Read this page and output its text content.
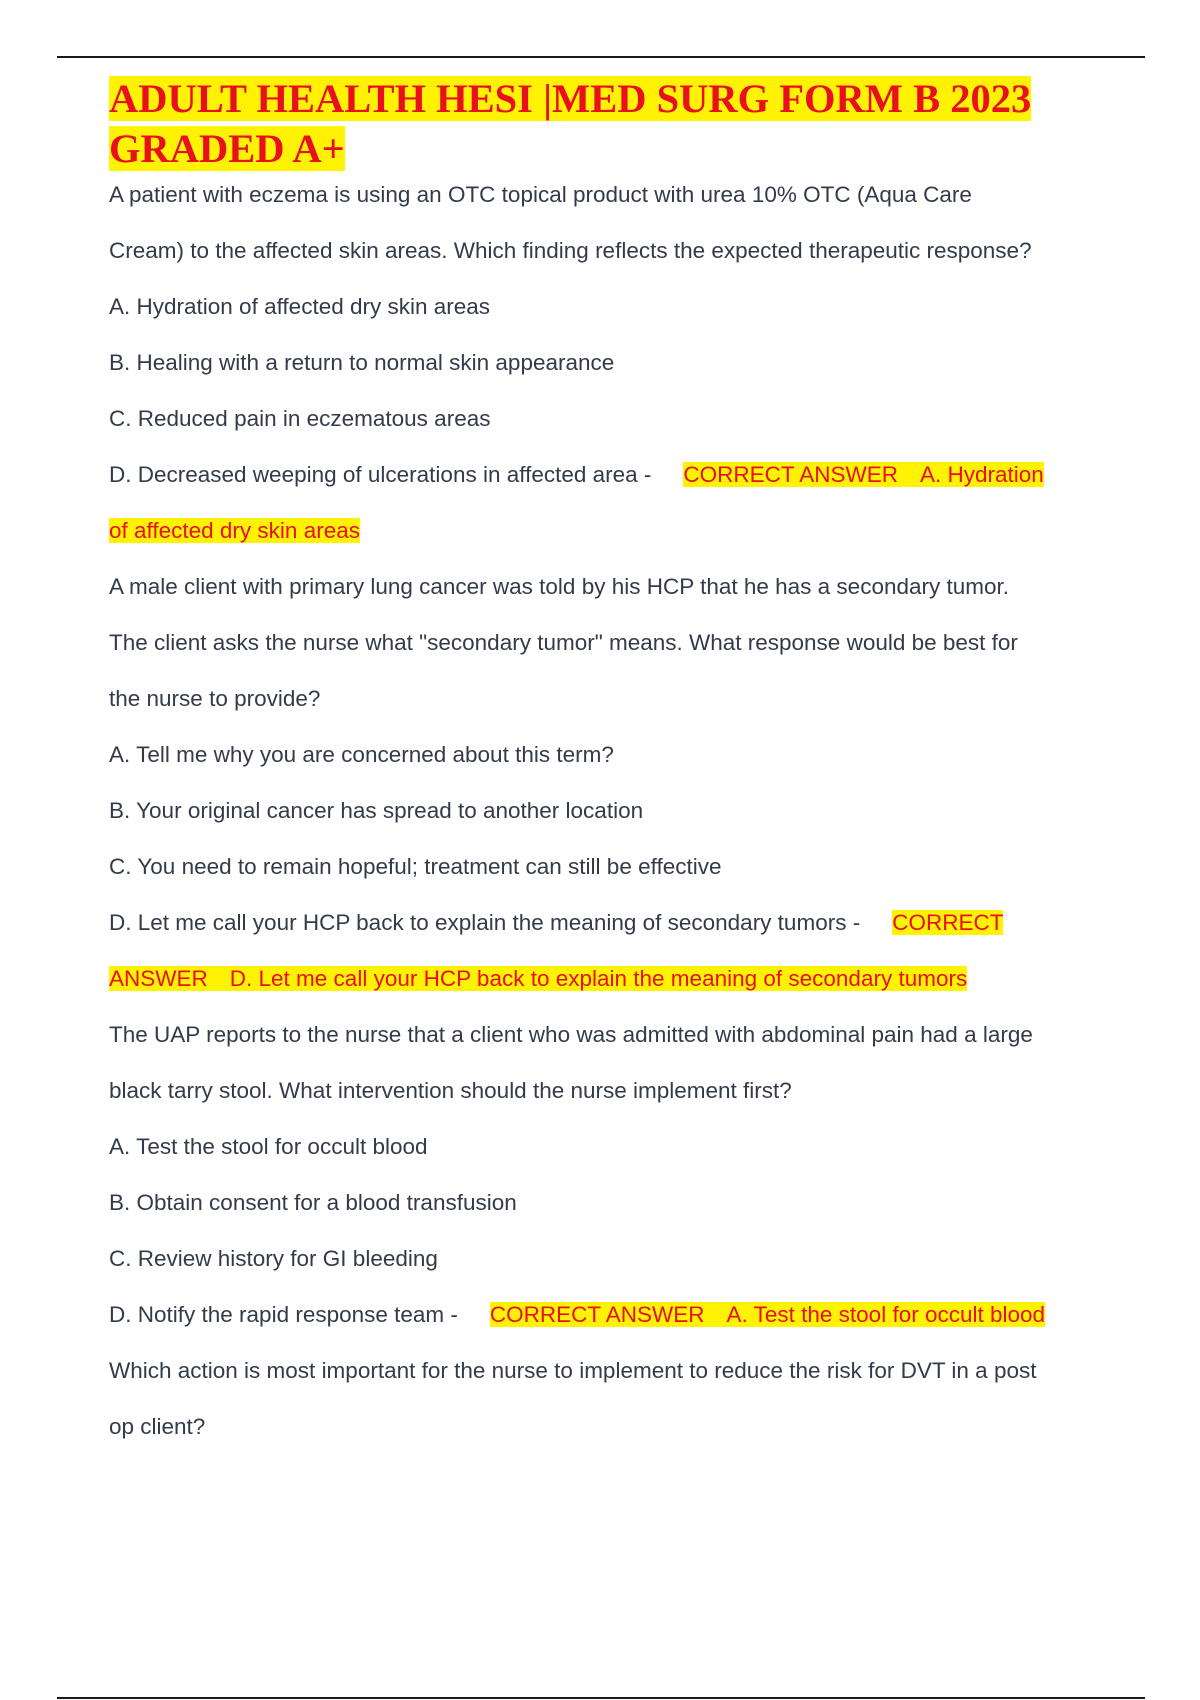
ADULT HEALTH HESI |MED SURG FORM B 2023
GRADED A+
A patient with eczema is using an OTC topical product with urea 10% OTC (Aqua Care
Cream) to the affected skin areas. Which finding reflects the expected therapeutic response?
A. Hydration of affected dry skin areas
B. Healing with a return to normal skin appearance
C. Reduced pain in eczematous areas
D. Decreased weeping of ulcerations in affected area - CORRECT ANSWER A. Hydration
of affected dry skin areas
A male client with primary lung cancer was told by his HCP that he has a secondary tumor.
The client asks the nurse what "secondary tumor" means. What response would be best for
the nurse to provide?
A. Tell me why you are concerned about this term?
B. Your original cancer has spread to another location
C. You need to remain hopeful; treatment can still be effective
D. Let me call your HCP back to explain the meaning of secondary tumors - CORRECT
ANSWER D. Let me call your HCP back to explain the meaning of secondary tumors
The UAP reports to the nurse that a client who was admitted with abdominal pain had a large
black tarry stool. What intervention should the nurse implement first?
A. Test the stool for occult blood
B. Obtain consent for a blood transfusion
C. Review history for GI bleeding
D. Notify the rapid response team - CORRECT ANSWER A. Test the stool for occult blood
Which action is most important for the nurse to implement to reduce the risk for DVT in a post
op client?
